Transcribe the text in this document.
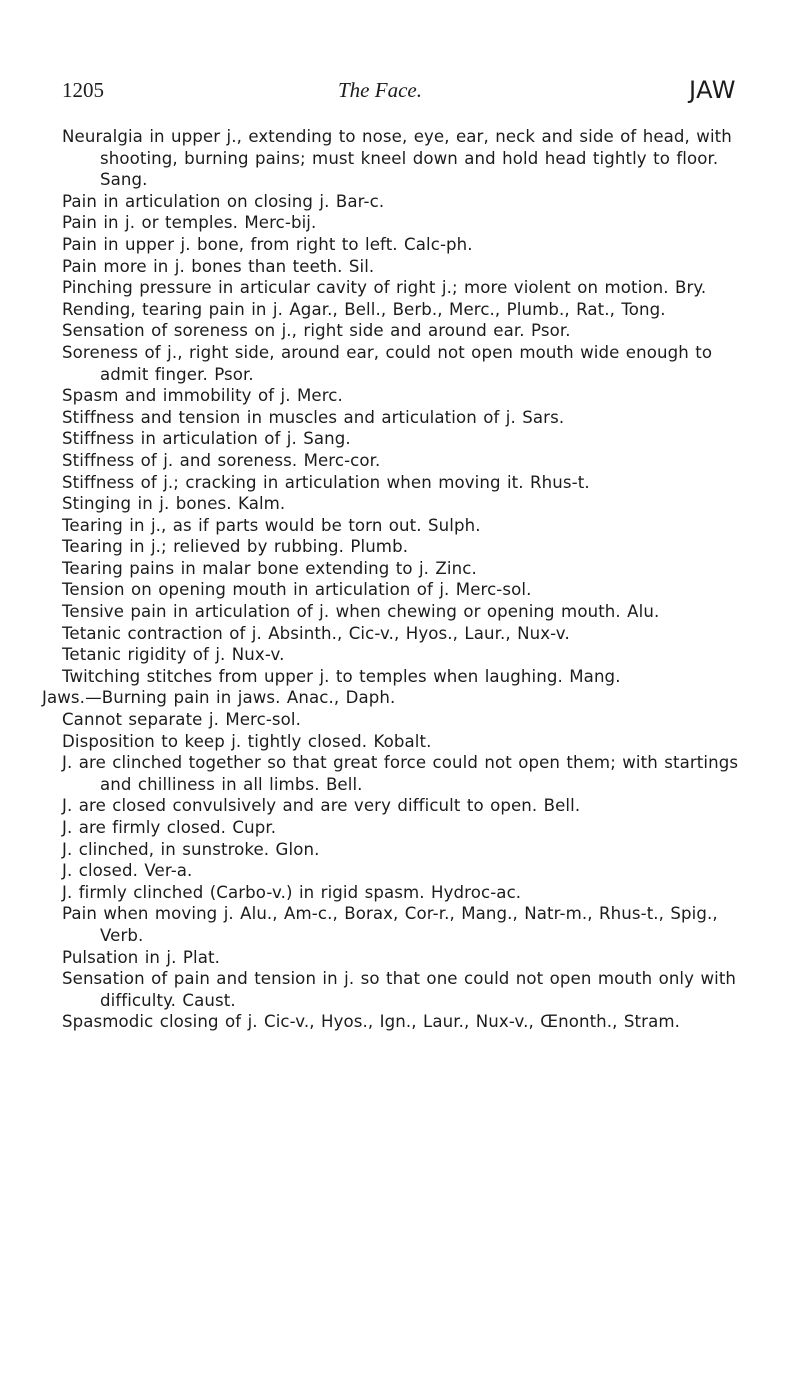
1205	The Face.	JAW

Neuralgia in upper j., extending to nose, eye, ear, neck and side of head, with shooting, burning pains; must kneel down and hold head tightly to floor. Sang.

Pain in articulation on closing j. Bar-c.

Pain in j. or temples. Merc-bij.

Pain in upper j. bone, from right to left. Calc-ph.

Pain more in j. bones than teeth. Sil.

Pinching pressure in articular cavity of right j.; more violent on motion. Bry.

Rending, tearing pain in j. Agar., Bell., Berb., Merc., Plumb., Rat., Tong.

Sensation of soreness on j., right side and around ear. Psor.

Soreness of j., right side, around ear, could not open mouth wide enough to admit finger. Psor.

Spasm and immobility of j. Merc.

Stiffness and tension in muscles and articulation of j. Sars.

Stiffness in articulation of j. Sang.

Stiffness of j. and soreness. Merc-cor.

Stiffness of j.; cracking in articulation when moving it. Rhus-t.

Stinging in j. bones. Kalm.

Tearing in j., as if parts would be torn out. Sulph.

Tearing in j.; relieved by rubbing. Plumb.

Tearing pains in malar bone extending to j. Zinc.

Tension on opening mouth in articulation of j. Merc-sol.

Tensive pain in articulation of j. when chewing or opening mouth. Alu.

Tetanic contraction of j. Absinth., Cic-v., Hyos., Laur., Nux-v.

Tetanic rigidity of j. Nux-v.

Twitching stitches from upper j. to temples when laughing. Mang.

Jaws.—Burning pain in jaws. Anac., Daph.

Cannot separate j. Merc-sol.

Disposition to keep j. tightly closed. Kobalt.

J. are clinched together so that great force could not open them; with startings and chilliness in all limbs. Bell.

J. are closed convulsively and are very difficult to open. Bell.

J. are firmly closed. Cupr.

J. clinched, in sunstroke. Glon.

J. closed. Ver-a.

J. firmly clinched (Carbo-v.) in rigid spasm. Hydroc-ac.

Pain when moving j. Alu., Am-c., Borax, Cor-r., Mang., Natr-m., Rhus-t., Spig., Verb.

Pulsation in j. Plat.

Sensation of pain and tension in j. so that one could not open mouth only with difficulty. Caust.

Spasmodic closing of j. Cic-v., Hyos., Ign., Laur., Nux-v., Œnonth., Stram.
